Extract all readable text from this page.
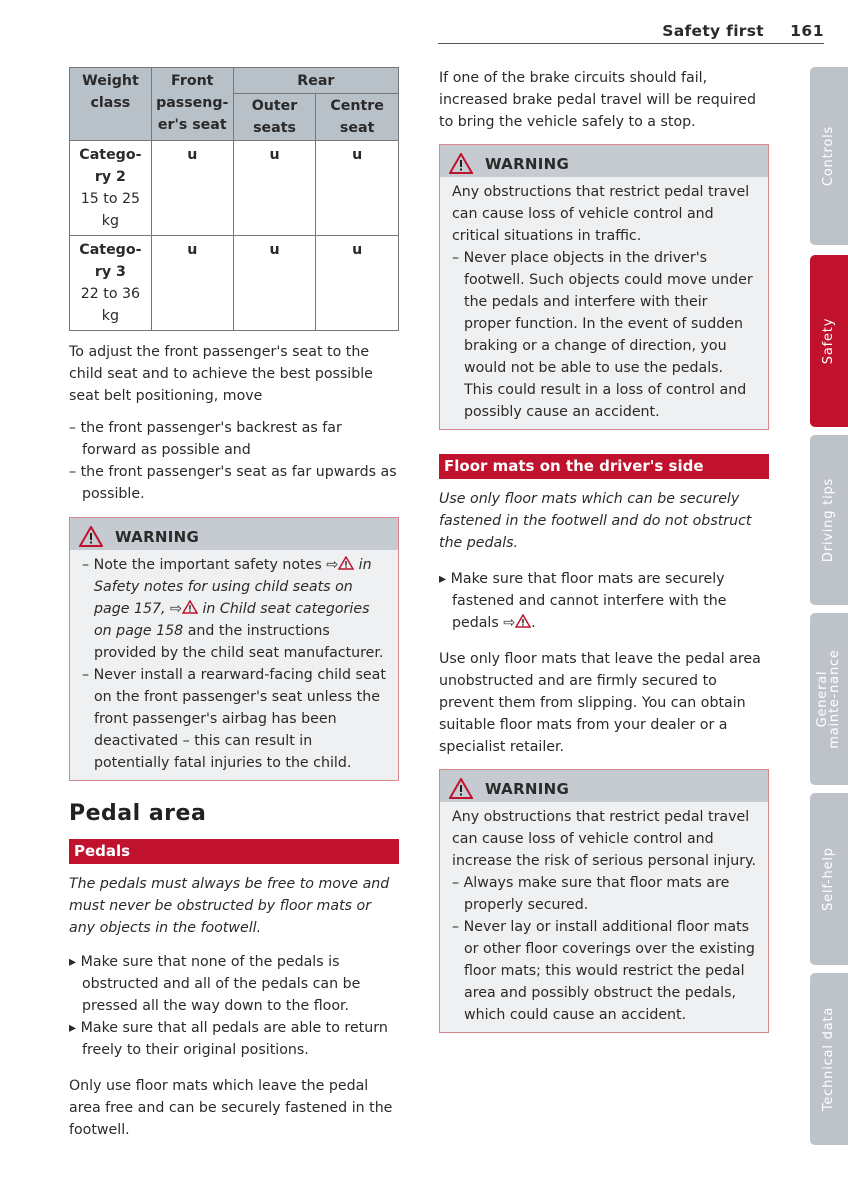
Safety first 161
Weight class	Front passeng-er's seat	Rear	
		Outer seats	Centre seat

Catego-ry 2
15 to 25 kg	u	u	u

Catego-ry 3
22 to 36 kg	u	u	u

To adjust the front passenger's seat to the child seat and to achieve the best possible seat belt positioning, move

– the front passenger's backrest as far forward as possible and

– the front passenger's seat as far upwards as possible.

WARNING

– Note the important safety notes ⇨ in Safety notes for using child seats on page 157, ⇨ in Child seat categories on page 158 and the instructions provided by the child seat manufacturer.

– Never install a rearward-facing child seat on the front passenger's seat unless the front passenger's airbag has been deactivated – this can result in potentially fatal injuries to the child.

Pedal area
Pedals

The pedals must always be free to move and must never be obstructed by floor mats or any objects in the footwell.

▸ Make sure that none of the pedals is obstructed and all of the pedals can be pressed all the way down to the floor.

▸ Make sure that all pedals are able to return freely to their original positions.

Only use floor mats which leave the pedal area free and can be securely fastened in the footwell.

If one of the brake circuits should fail, increased brake pedal travel will be required to bring the vehicle safely to a stop.

WARNING

Any obstructions that restrict pedal travel can cause loss of vehicle control and critical situations in traffic.

– Never place objects in the driver's footwell. Such objects could move under the pedals and interfere with their proper function. In the event of sudden braking or a change of direction, you would not be able to use the pedals. This could result in a loss of control and possibly cause an accident.

Floor mats on the driver's side

Use only floor mats which can be securely fastened in the footwell and do not obstruct the pedals.

▸ Make sure that floor mats are securely fastened and cannot interfere with the pedals ⇨ .

Use only floor mats that leave the pedal area unobstructed and are firmly secured to prevent them from slipping. You can obtain suitable floor mats from your dealer or a specialist retailer.

WARNING

Any obstructions that restrict pedal travel can cause loss of vehicle control and increase the risk of serious personal injury.

– Always make sure that floor mats are properly secured.

– Never lay or install additional floor mats or other floor coverings over the existing floor mats; this would restrict the pedal area and possibly obstruct the pedals, which could cause an accident.

Controls
Safety
Driving tips
General mainte-nance
Self-help
Technical data
